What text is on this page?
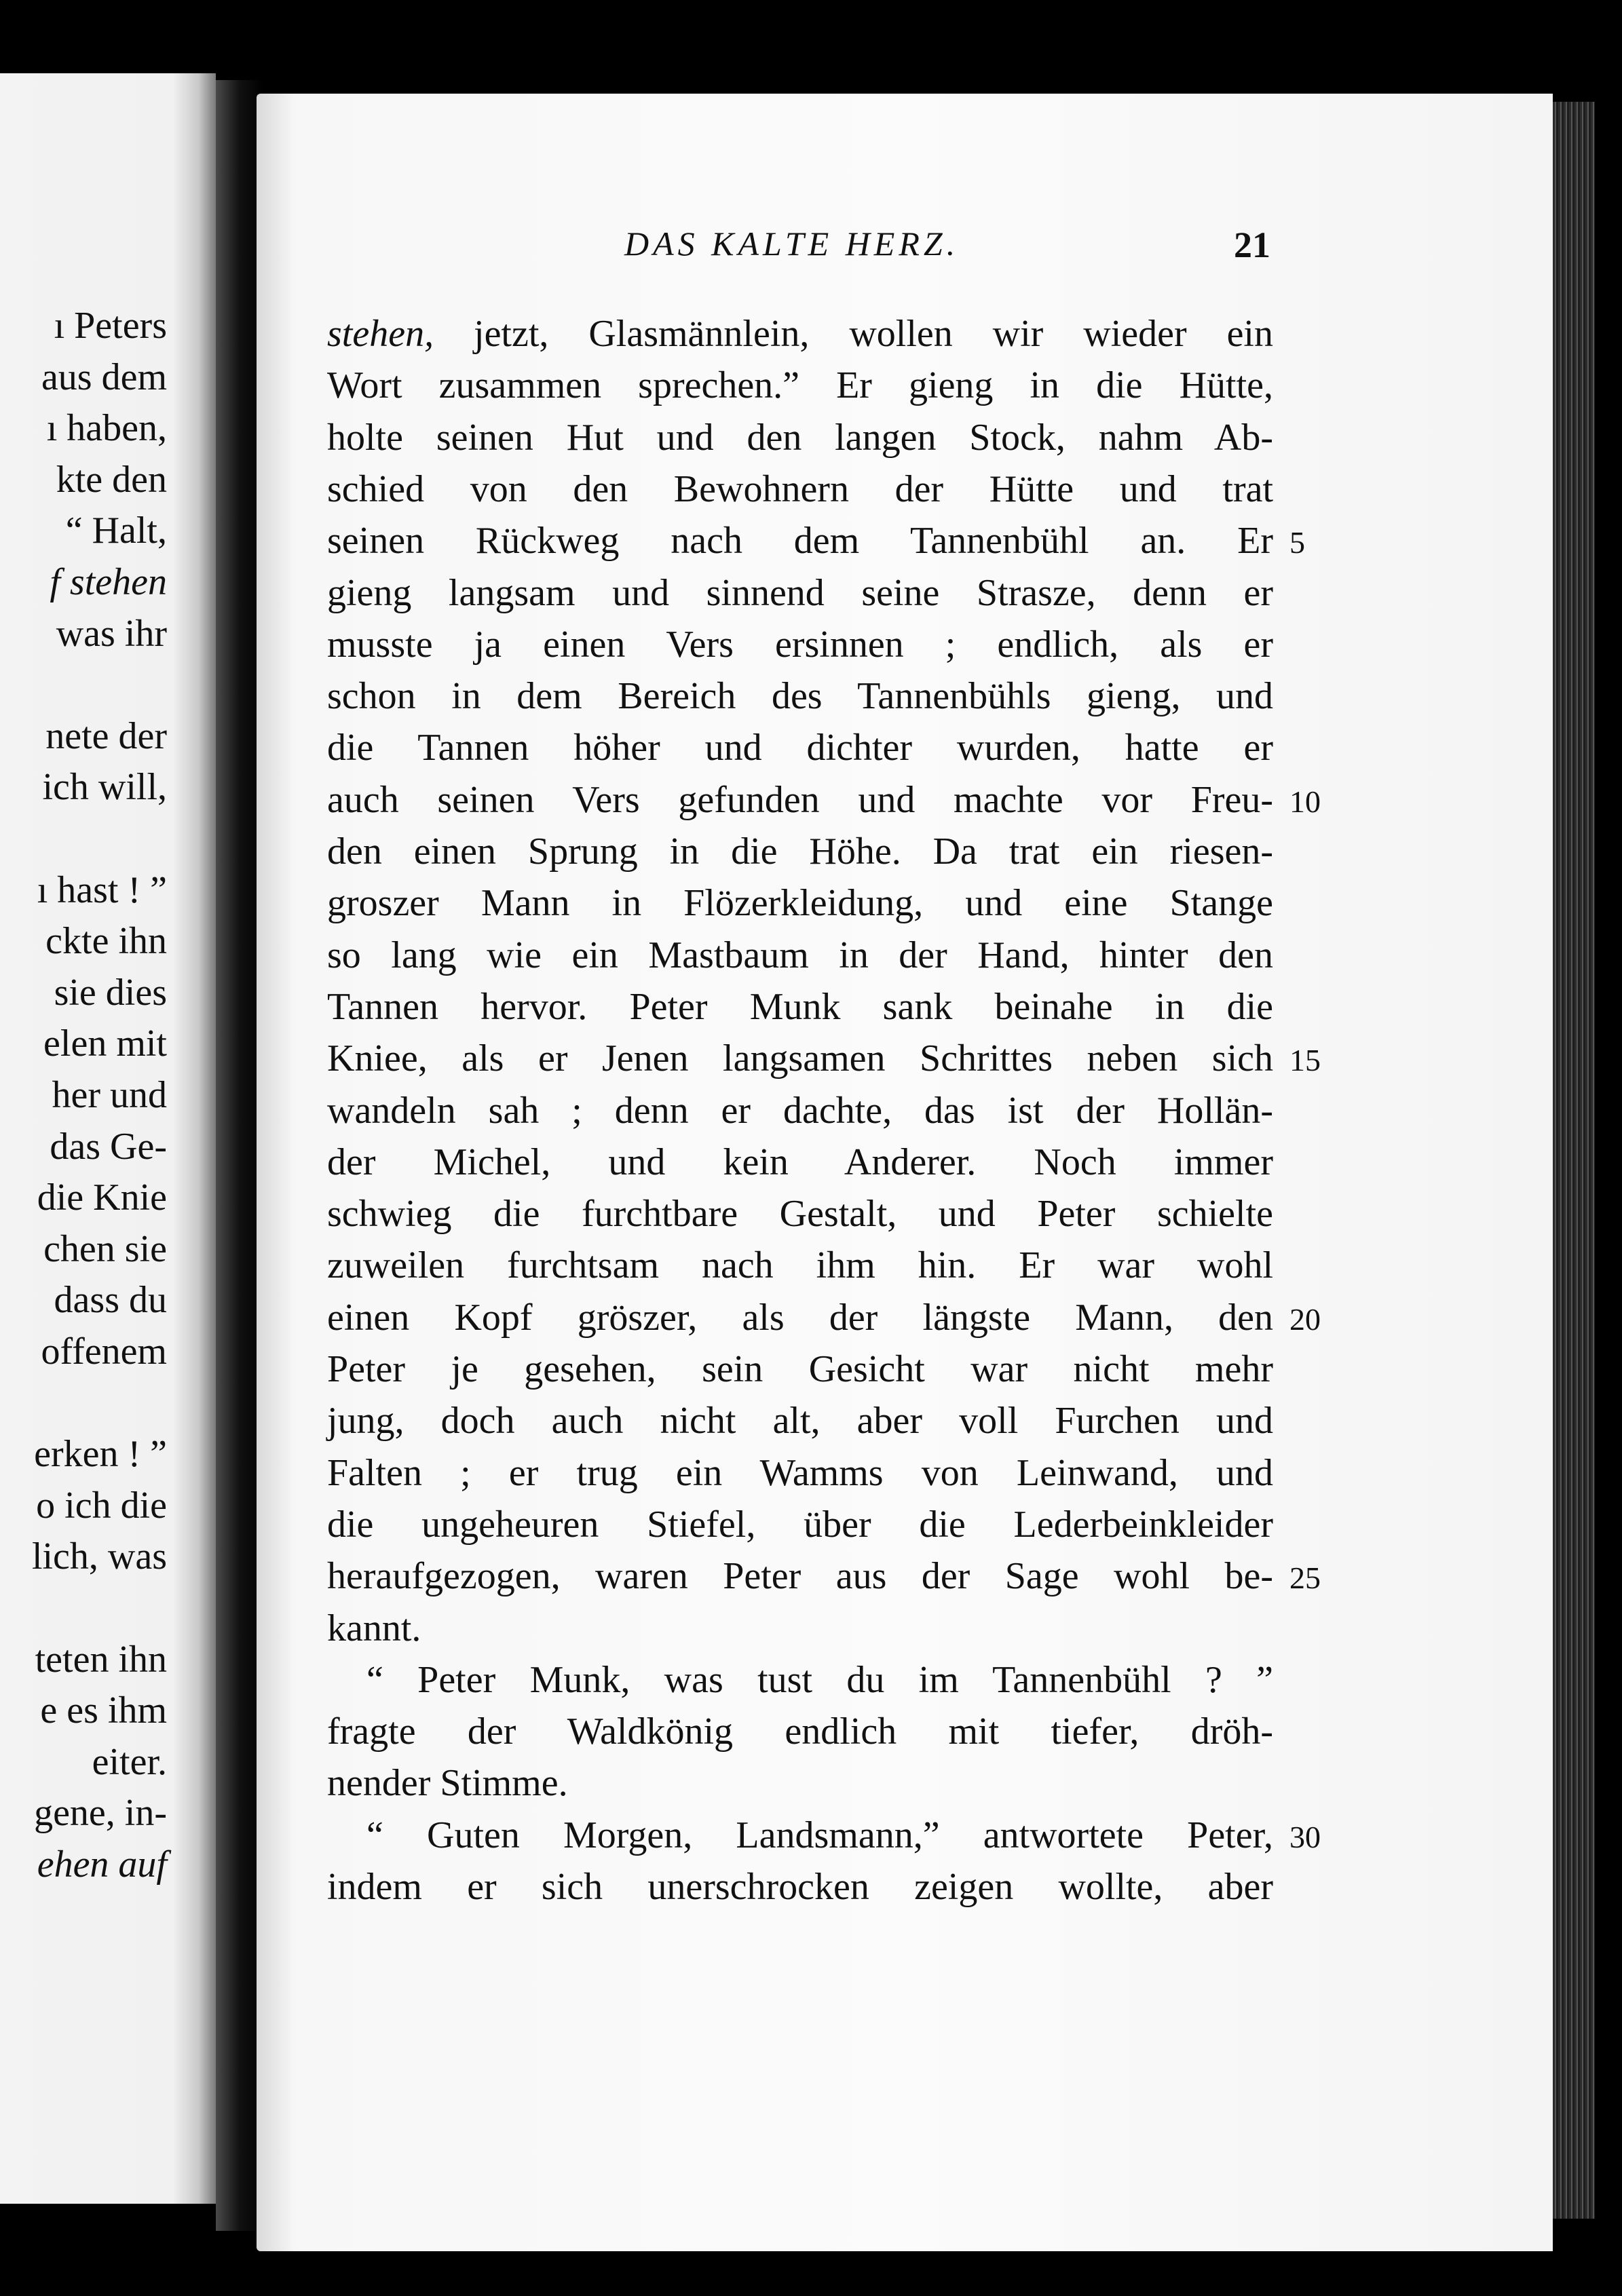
ı Peters
aus dem
ı haben,
kte den
“ Halt,
f stehen
was ihr
nete der
ich will,
ı hast ! ”
ckte ihn
sie dies
elen mit
her und
das Ge-
die Knie
chen sie
dass du
offenem
erken ! ”
o ich die
lich, was
teten ihn
e es ihm
eiter.
gene, in-
ehen auf
DAS KALTE HERZ.	21
stehen, jetzt, Glasmännlein, wollen wir wieder ein
Wort zusammen sprechen.” Er gieng in die Hütte,
holte seinen Hut und den langen Stock, nahm Ab-
schied von den Bewohnern der Hütte und trat
seinen Rückweg nach dem Tannenbühl an. Er 5
gieng langsam und sinnend seine Strasze, denn er
musste ja einen Vers ersinnen ; endlich, als er
schon in dem Bereich des Tannenbühls gieng, und
die Tannen höher und dichter wurden, hatte er
auch seinen Vers gefunden und machte vor Freu- 10
den einen Sprung in die Höhe. Da trat ein riesen-
groszer Mann in Flözerkleidung, und eine Stange
so lang wie ein Mastbaum in der Hand, hinter den
Tannen hervor. Peter Munk sank beinahe in die
Kniee, als er Jenen langsamen Schrittes neben sich 15
wandeln sah ; denn er dachte, das ist der Hollän-
der Michel, und kein Anderer. Noch immer
schwieg die furchtbare Gestalt, und Peter schielte
zuweilen furchtsam nach ihm hin. Er war wohl
einen Kopf gröszer, als der längste Mann, den 20
Peter je gesehen, sein Gesicht war nicht mehr
jung, doch auch nicht alt, aber voll Furchen und
Falten ; er trug ein Wamms von Leinwand, und
die ungeheuren Stiefel, über die Lederbeinkleider
heraufgezogen, waren Peter aus der Sage wohl be- 25
kannt.
“ Peter Munk, was tust du im Tannenbühl ? ”
fragte der Waldkönig endlich mit tiefer, dröh-
nender Stimme.
“ Guten Morgen, Landsmann,” antwortete Peter, 30
indem er sich unerschrocken zeigen wollte, aber
